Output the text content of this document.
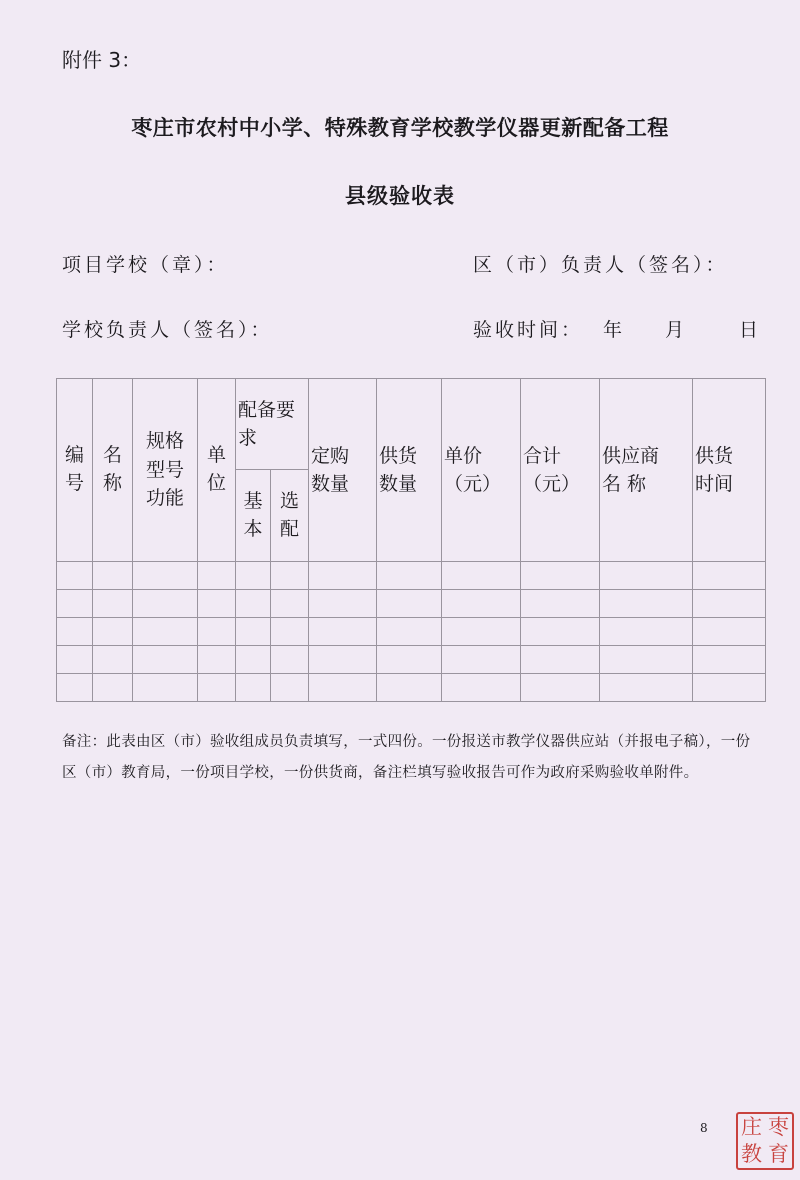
附件 3：
枣庄市农村中小学、特殊教育学校教学仪器更新配备工程
县级验收表
项目学校（章）：	区（市）负责人（签名）：
学校负责人（签名）：	验收时间： 年 月	日
编号	名称	规格型号功能	单位	配备要求		定购数量	供货数量	单价（元）	合计（元）	供应商 名 称	供货时间
				基本	选配						

备注：此表由区（市）验收组成员负责填写，一式四份。一份报送市教学仪器供应站（并报电子稿），一份区（市）教育局，一份项目学校，一份供货商，备注栏填写验收报告可作为政府采购验收单附件。
8 庄 枣
教 育
